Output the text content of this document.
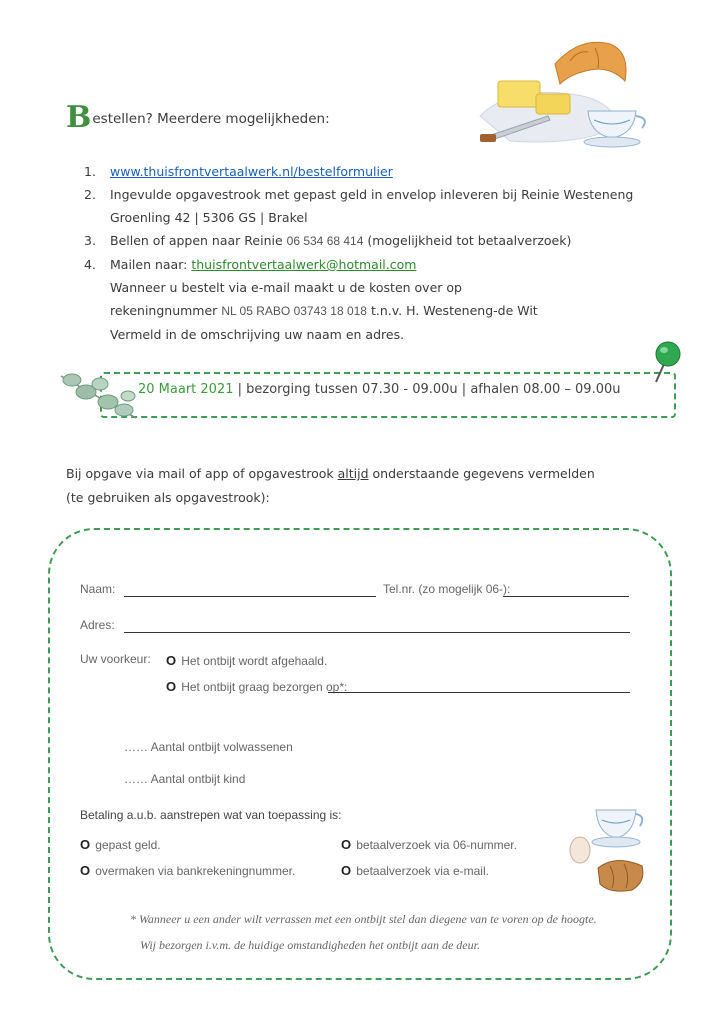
Bestellen? Meerdere mogelijkheden:
1. www.thuisfrontvertaalwerk.nl/bestelformulier
2. Ingevulde opgavestrook met gepast geld in envelop inleveren bij Reinie Westeneng
Groenling 42 | 5306 GS | Brakel
3. Bellen of appen naar Reinie 06 534 68 414 (mogelijkheid tot betaalverzoek)
4. Mailen naar: thuisfrontvertaalwerk@hotmail.com
Wanneer u bestelt via e-mail maakt u de kosten over op
rekeningnummer NL 05 RABO 03743 18 018 t.n.v. H. Westeneng-de Wit
Vermeld in de omschrijving uw naam en adres.
20 Maart 2021 | bezorging tussen 07.30 - 09.00u | afhalen 08.00 – 09.00u
Bij opgave via mail of app of opgavestrook altijd onderstaande gegevens vermelden
(te gebruiken als opgavestrook):
Naam:	Tel.nr. (zo mogelijk 06-):
Adres:
Uw voorkeur: O Het ontbijt wordt afgehaald.
O Het ontbijt graag bezorgen op*:
…… Aantal ontbijt volwassenen
…… Aantal ontbijt kind
Betaling a.u.b. aanstrepen wat van toepassing is:
O gepast geld.
O overmaken via bankrekeningnummer.
O betaalverzoek via 06-nummer.
O betaalverzoek via e-mail.
* Wanneer u een ander wilt verrassen met een ontbijt stel dan diegene van te voren op de hoogte.
Wij bezorgen i.v.m. de huidige omstandigheden het ontbijt aan de deur.
